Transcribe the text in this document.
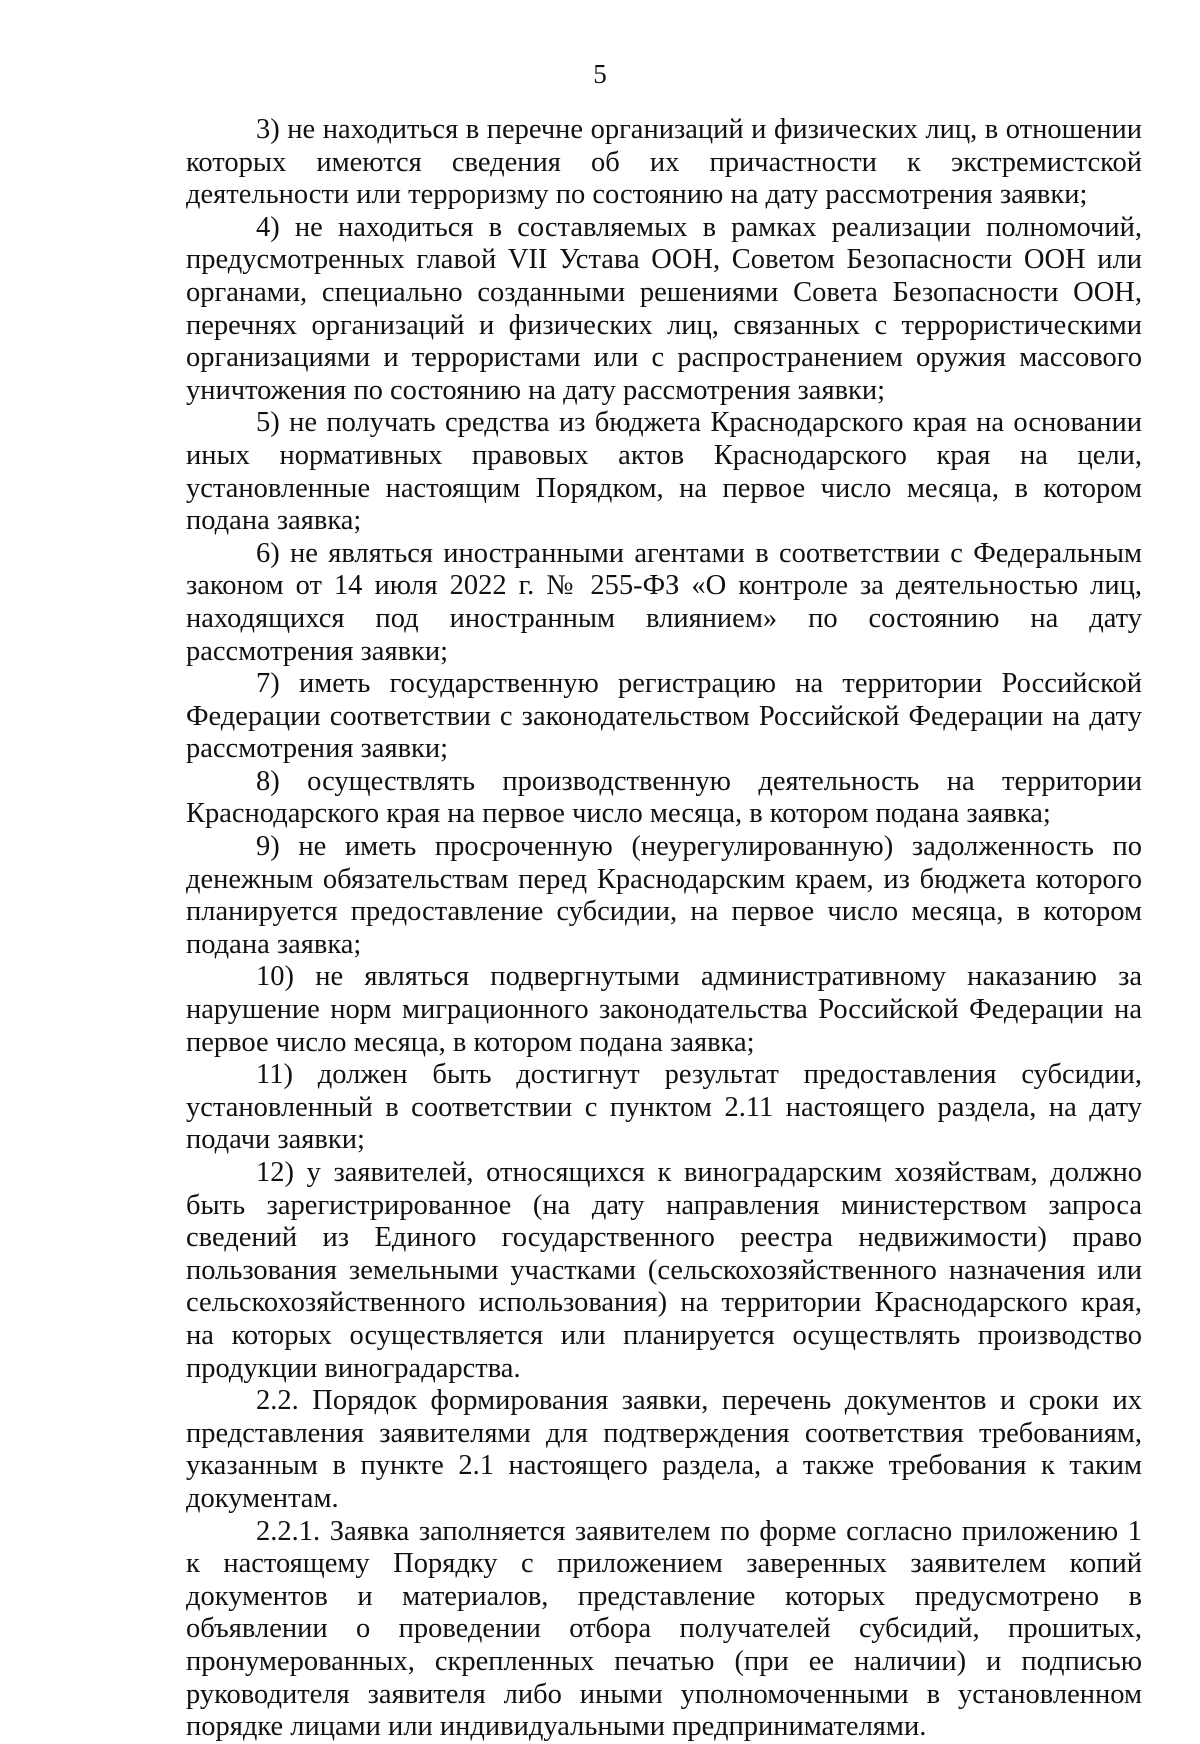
5

3) не находиться в перечне организаций и физических лиц, в отношении которых имеются сведения об их причастности к экстремистской деятельности или терроризму по состоянию на дату рассмотрения заявки;

4) не находиться в составляемых в рамках реализации полномочий, предусмотренных главой VII Устава ООН, Советом Безопасности ООН или органами, специально созданными решениями Совета Безопасности ООН, перечнях организаций и физических лиц, связанных с террористическими организациями и террористами или с распространением оружия массового уничтожения по состоянию на дату рассмотрения заявки;

5) не получать средства из бюджета Краснодарского края на основании иных нормативных правовых актов Краснодарского края на цели, установленные настоящим Порядком, на первое число месяца, в котором подана заявка;

6) не являться иностранными агентами в соответствии с Федеральным законом от 14 июля 2022 г. № 255-ФЗ «О контроле за деятельностью лиц, находящихся под иностранным влиянием» по состоянию на дату рассмотрения заявки;

7) иметь государственную регистрацию на территории Российской Федерации соответствии с законодательством Российской Федерации на дату рассмотрения заявки;

8) осуществлять производственную деятельность на территории Краснодарского края на первое число месяца, в котором подана заявка;

9) не иметь просроченную (неурегулированную) задолженность по денежным обязательствам перед Краснодарским краем, из бюджета которого планируется предоставление субсидии, на первое число месяца, в котором подана заявка;

10) не являться подвергнутыми административному наказанию за нарушение норм миграционного законодательства Российской Федерации на первое число месяца, в котором подана заявка;

11) должен быть достигнут результат предоставления субсидии, установленный в соответствии с пунктом 2.11 настоящего раздела, на дату подачи заявки;

12) у заявителей, относящихся к виноградарским хозяйствам, должно быть зарегистрированное (на дату направления министерством запроса сведений из Единого государственного реестра недвижимости) право пользования земельными участками (сельскохозяйственного назначения или сельскохозяйственного использования) на территории Краснодарского края, на которых осуществляется или планируется осуществлять производство продукции виноградарства.

2.2. Порядок формирования заявки, перечень документов и сроки их представления заявителями для подтверждения соответствия требованиям, указанным в пункте 2.1 настоящего раздела, а также требования к таким документам.

2.2.1. Заявка заполняется заявителем по форме согласно приложению 1 к настоящему Порядку с приложением заверенных заявителем копий документов и материалов, представление которых предусмотрено в объявлении о проведении отбора получателей субсидий, прошитых, пронумерованных, скрепленных печатью (при ее наличии) и подписью руководителя заявителя либо иными уполномоченными в установленном порядке лицами или индивидуальными предпринимателями.
